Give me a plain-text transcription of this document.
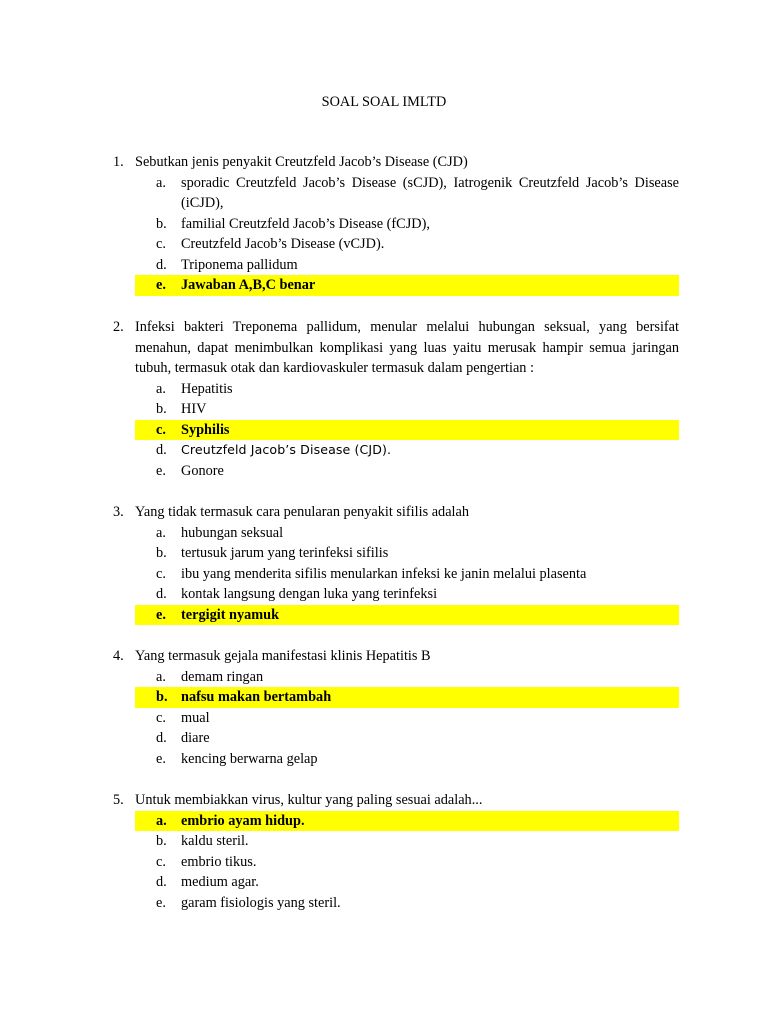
SOAL SOAL IMLTD
1. Sebutkan jenis penyakit Creutzfeld Jacob’s Disease (CJD)
a. sporadic Creutzfeld Jacob’s Disease (sCJD), Iatrogenik Creutzfeld Jacob’s Disease (iCJD),
b. familial Creutzfeld Jacob’s Disease (fCJD),
c. Creutzfeld Jacob’s Disease (vCJD).
d. Triponema pallidum
e. Jawaban A,B,C benar
2. Infeksi bakteri Treponema pallidum, menular melalui hubungan seksual, yang bersifat menahun, dapat menimbulkan komplikasi yang luas yaitu merusak hampir semua jaringan tubuh, termasuk otak dan kardiovaskuler termasuk dalam pengertian :
a. Hepatitis
b. HIV
c. Syphilis
d. Creutzfeld Jacob’s Disease (CJD).
e. Gonore
3. Yang tidak termasuk cara penularan penyakit sifilis adalah
a. hubungan seksual
b. tertusuk jarum yang terinfeksi sifilis
c. ibu yang menderita sifilis menularkan infeksi ke janin melalui plasenta
d. kontak langsung dengan luka yang terinfeksi
e. tergigit nyamuk
4. Yang termasuk gejala manifestasi klinis Hepatitis B
a. demam ringan
b. nafsu makan bertambah
c. mual
d. diare
e. kencing berwarna gelap
5. Untuk membiakkan virus, kultur yang paling sesuai adalah...
a. embrio ayam hidup.
b. kaldu steril.
c. embrio tikus.
d. medium agar.
e. garam fisiologis yang steril.
